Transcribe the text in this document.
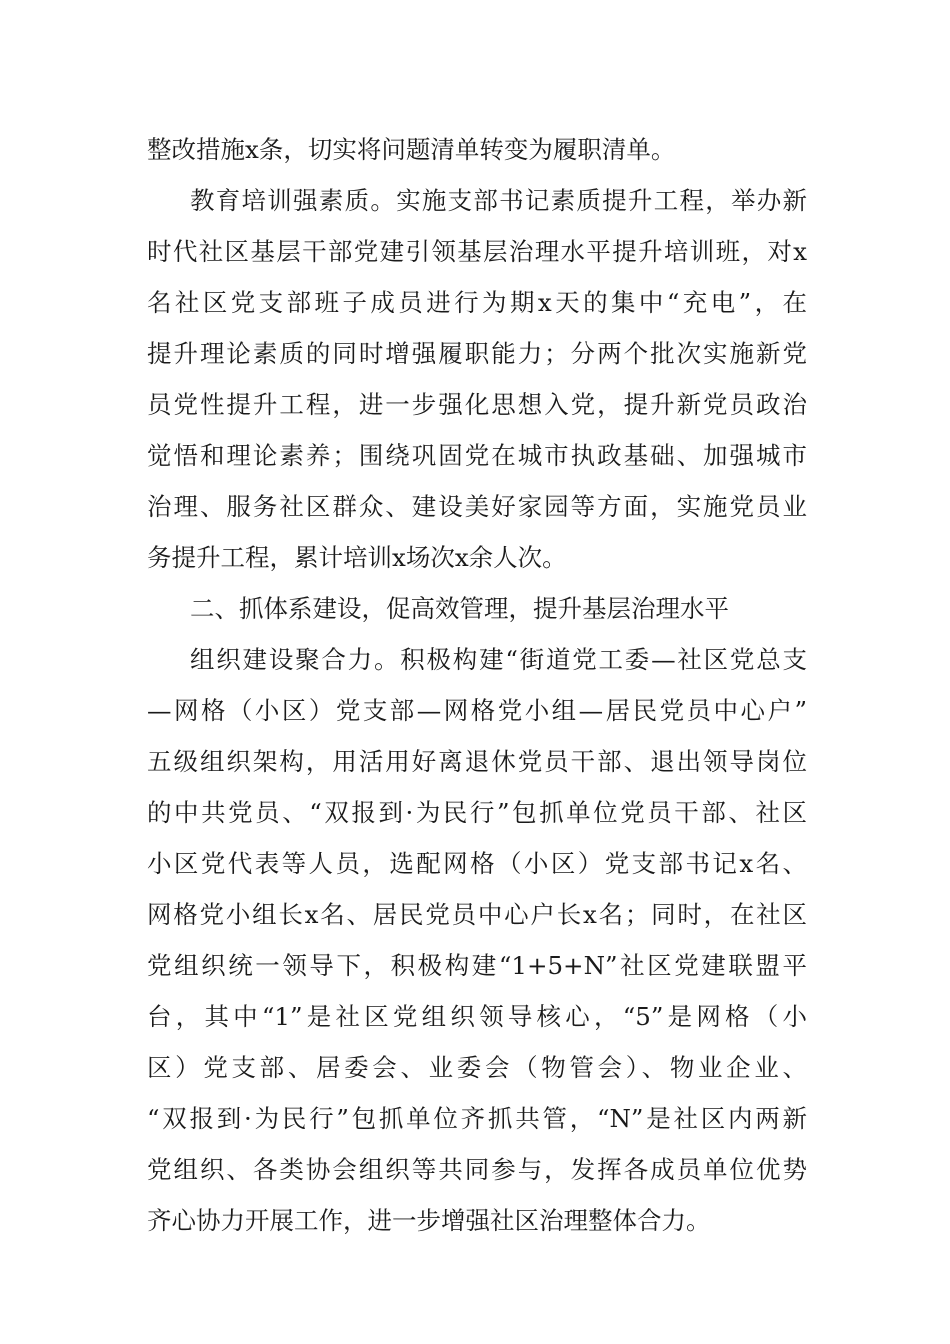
整改措施x条，切实将问题清单转变为履职清单。
教育培训强素质。实施支部书记素质提升工程，举办新
时代社区基层干部党建引领基层治理水平提升培训班，对x
名社区党支部班子成员进行为期x天的集中“充电”，在
提升理论素质的同时增强履职能力；分两个批次实施新党
员党性提升工程，进一步强化思想入党，提升新党员政治
觉悟和理论素养；围绕巩固党在城市执政基础、加强城市
治理、服务社区群众、建设美好家园等方面，实施党员业
务提升工程，累计培训x场次x余人次。
二、抓体系建设，促高效管理，提升基层治理水平
组织建设聚合力。积极构建“街道党工委—社区党总支
—网格（小区）党支部—网格党小组—居民党员中心户”
五级组织架构，用活用好离退休党员干部、退出领导岗位
的中共党员、“双报到·为民行”包抓单位党员干部、社区
小区党代表等人员，选配网格（小区）党支部书记x名、
网格党小组长x名、居民党员中心户长x名；同时，在社区
党组织统一领导下，积极构建“1+5+N”社区党建联盟平
台，其中“1”是社区党组织领导核心，“5”是网格（小
区）党支部、居委会、业委会（物管会）、物业企业、
“双报到·为民行”包抓单位齐抓共管，“N”是社区内两新
党组织、各类协会组织等共同参与，发挥各成员单位优势
齐心协力开展工作，进一步增强社区治理整体合力。
